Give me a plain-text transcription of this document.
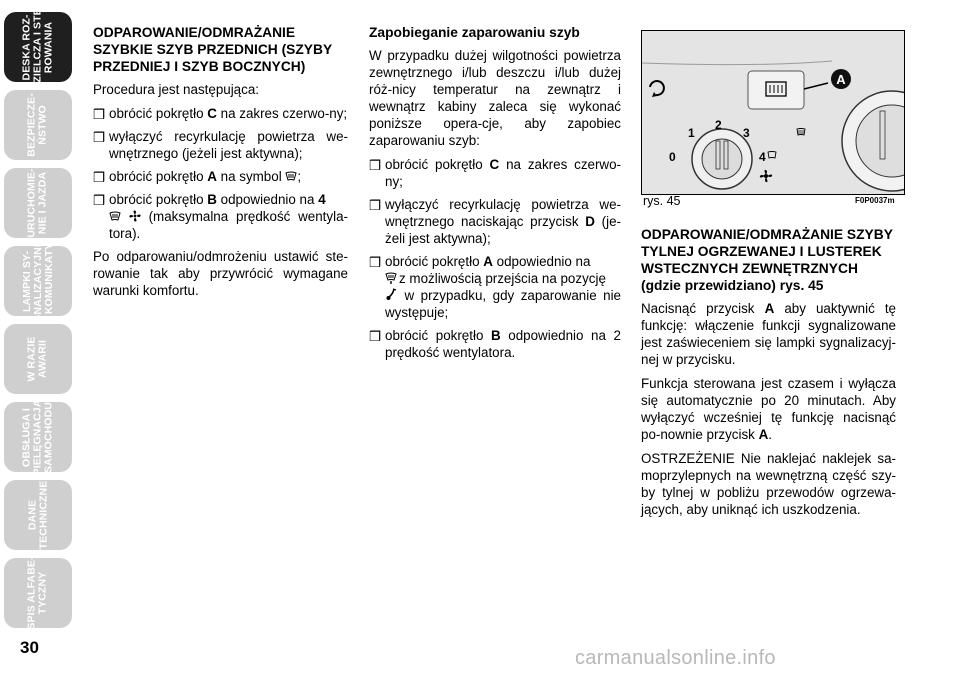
DESKA ROZ-
DZIELCZA I STE-
ROWANIA
BEZPIECZE-
ŃSTWO
URUCHOMIE-
NIE I JAZDA
LAMPKI SY-
GNALIZACYJNE
I KOMUNIKATY
W RAZIE
AWARII
OBSŁUGA I
PIELĘGNACJA
SAMOCHODU
DANE
TECHNICZNE
SPIS ALFABE-
TYCZNY
30
ODPAROWANIE/ODMRAŻANIE SZYBKIE SZYB PRZEDNICH (SZYBY PRZEDNIEJ I SZYB BOCZNYCH)

Procedura jest następująca:

❒ obrócić pokrętło C na zakres czerwo-ny;
❒ wyłączyć recyrkulację powietrza we-wnętrznego (jeżeli jest aktywna);
❒ obrócić pokrętło A na symbol ;
❒ obrócić pokrętło B odpowiednio na 4
(maksymalna prędkość wentyla-tora).

Po odparowaniu/odmrożeniu ustawić ste-rowanie tak aby przywrócić wymagane warunki komfortu.

Zapobieganie zaparowaniu szyb

W przypadku dużej wilgotności powietrza zewnętrznego i/lub deszczu i/lub dużej róż-nicy temperatur na zewnątrz i wewnątrz kabiny zaleca się wykonać poniższe opera-cje, aby zapobiec zaparowaniu szyb:

❒ obrócić pokrętło C na zakres czerwo-ny;
❒ wyłączyć recyrkulację powietrza we-wnętrznego naciskając przycisk D (je-żeli jest aktywna);
❒ obrócić pokrętło A odpowiednio na
z możliwością przejścia na pozycję
w przypadku, gdy zaparowanie nie występuje;
❒ obrócić pokrętło B odpowiednio na 2 prędkość wentylatora.
A
0
1
2
3
4
rys. 45	F0P0037m
ODPAROWANIE/ODMRAŻANIE SZYBY TYLNEJ OGRZEWANEJ I LUSTEREK WSTECZNYCH ZEWNĘTRZNYCH (gdzie przewidziano) rys. 45

Nacisnąć przycisk A aby uaktywnić tę funkcję: włączenie funkcji sygnalizowane jest zaświeceniem się lampki sygnalizacyj-nej w przycisku.

Funkcja sterowana jest czasem i wyłącza się automatycznie po 20 minutach. Aby wyłączyć wcześniej tę funkcję nacisnąć po-nownie przycisk A.

OSTRZEŻENIE Nie naklejać naklejek sa-moprzylepnych na wewnętrzną część szy-by tylnej w pobliżu przewodów ogrzewa-jących, aby uniknąć ich uszkodzenia.

carmanualsonline.info
